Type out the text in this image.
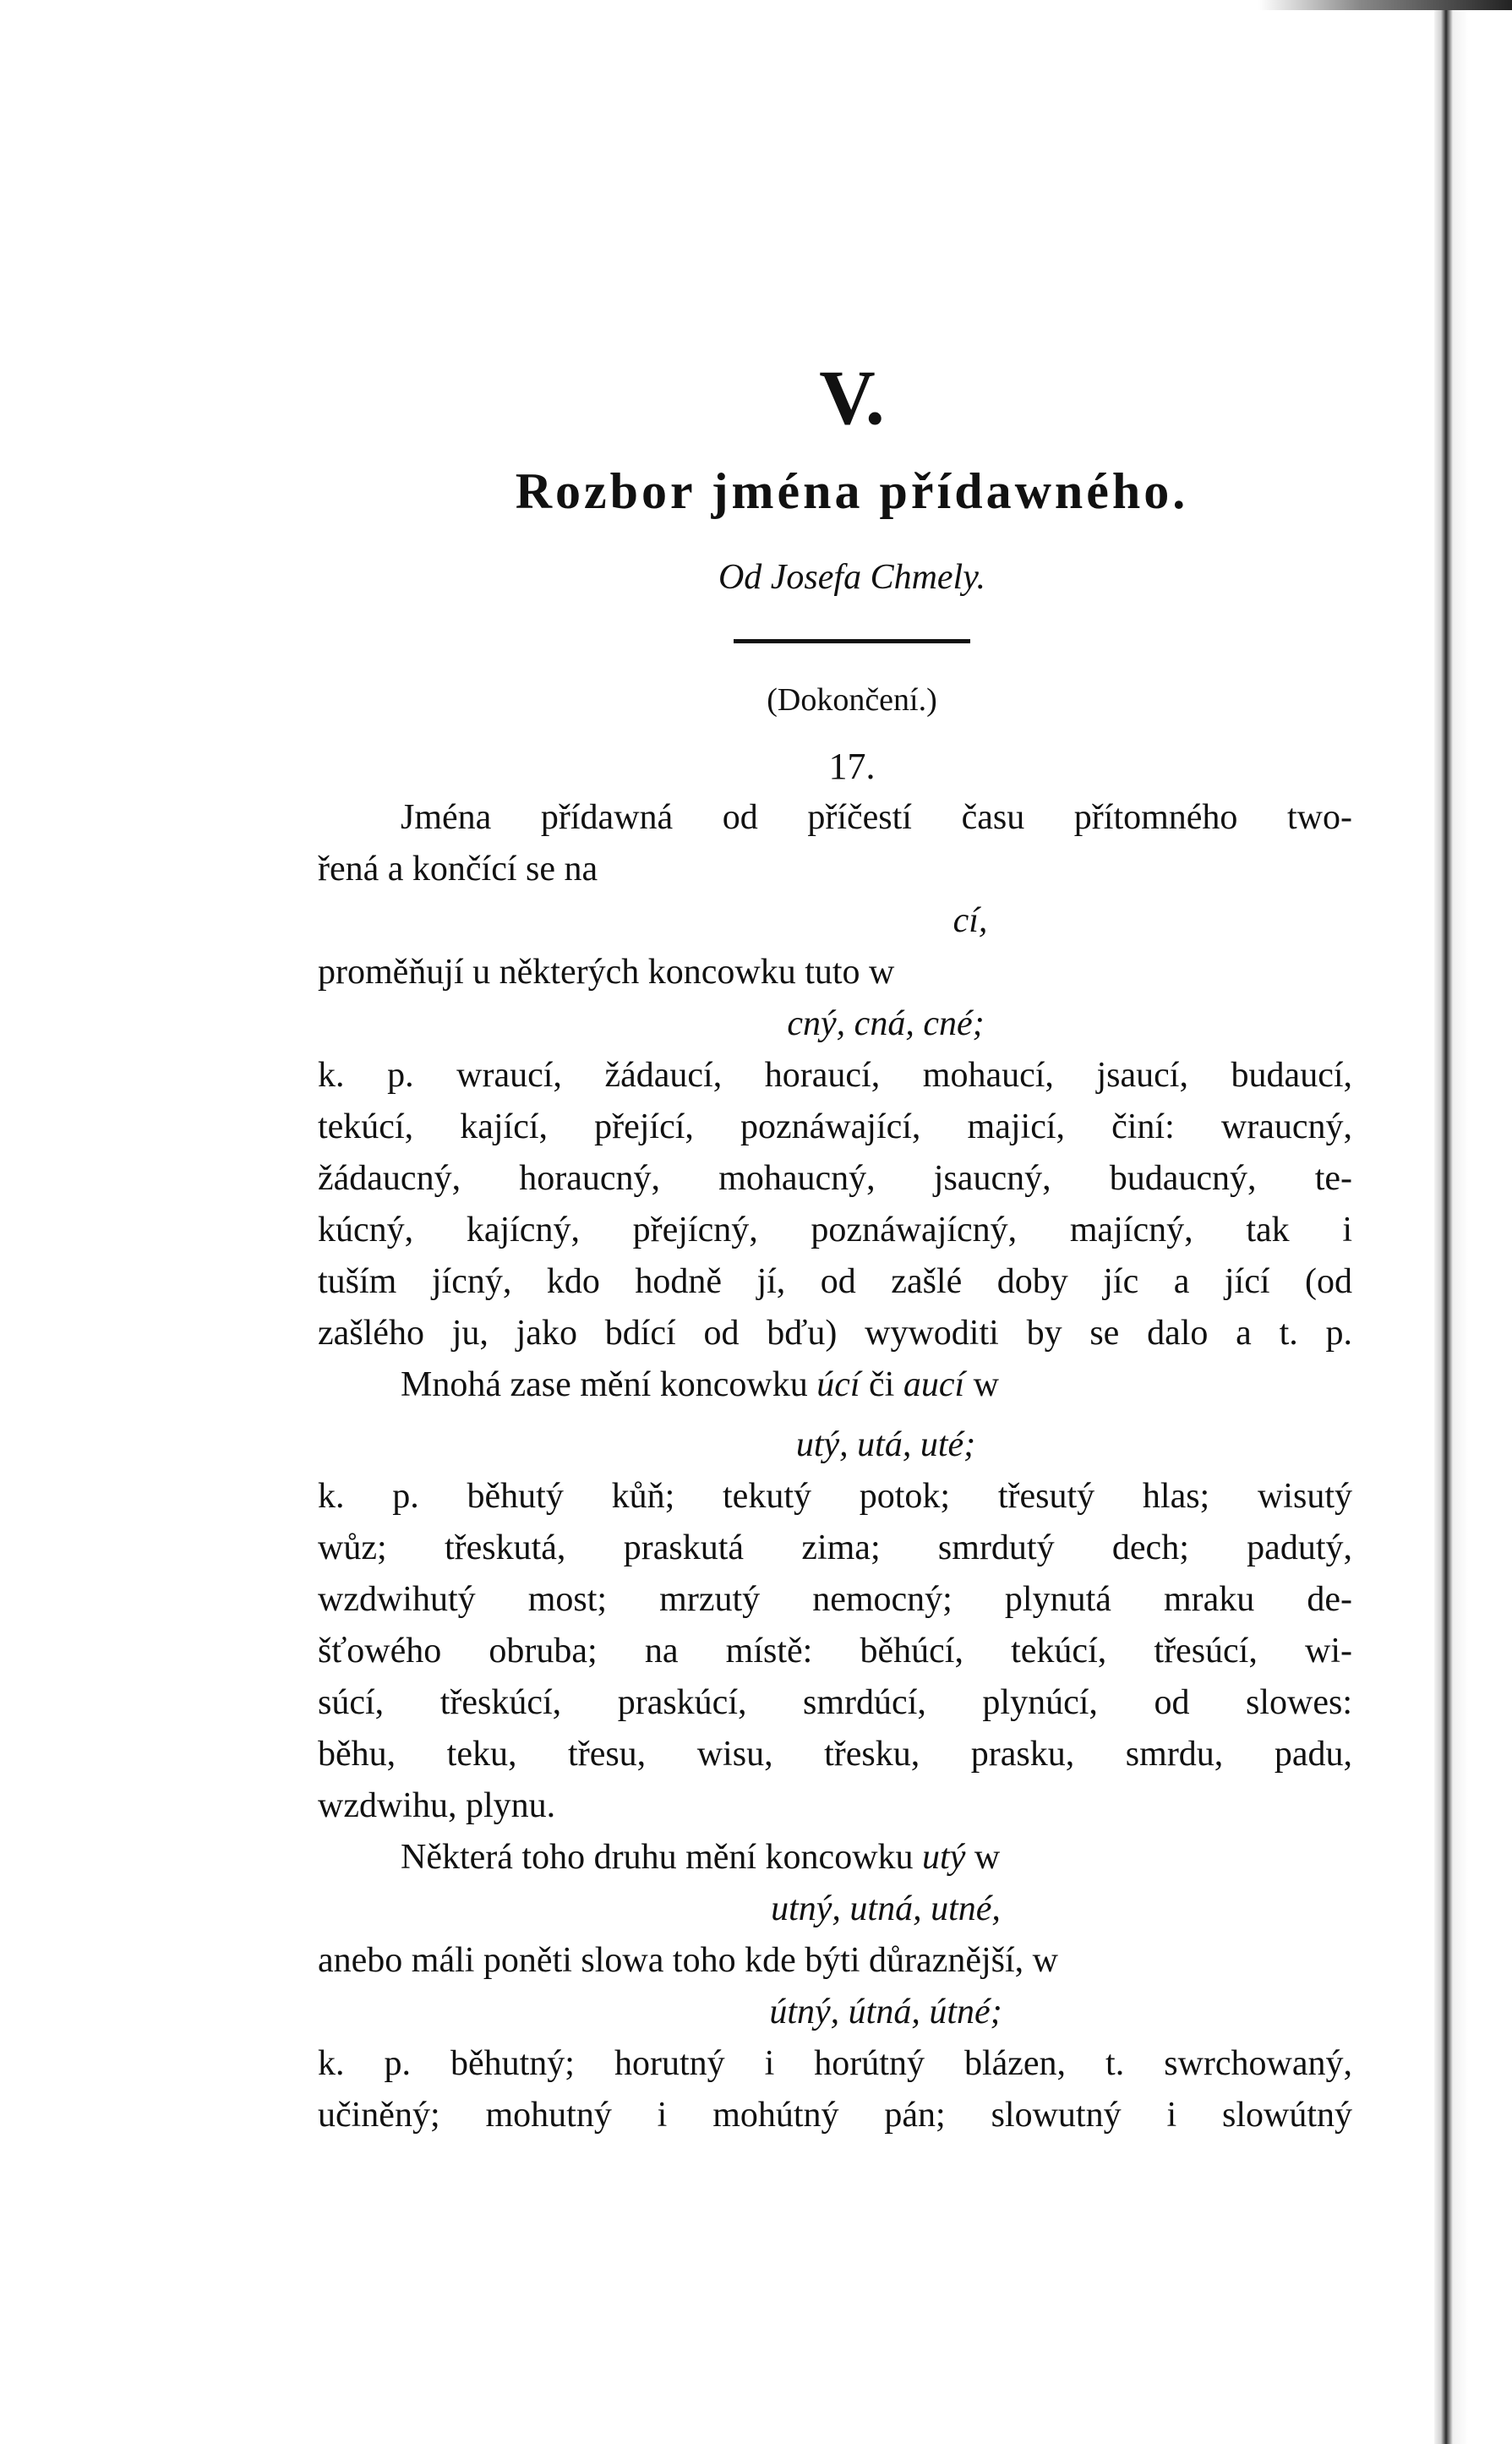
V.
Rozbor jména přídawného.
Od Josefa Chmely.
(Dokončení.)
17.

Jména přídawná od příčestí času přítomného two-
řená a končící se na

cí,

proměňují u některých koncowku tuto w

cný, cná, cné;

k. p. wraucí, žádaucí, horaucí, mohaucí, jsaucí, budaucí,
tekúcí, kající, přející, poznáwající, majicí, činí: wraucný,
žádaucný, horaucný, mohaucný, jsaucný, budaucný, te-
kúcný, kajícný, přejícný, poznáwajícný, majícný, tak i
tuším jícný, kdo hodně jí, od zašlé doby jíc a jící (od
zašlého ju, jako bdící od bďu) wywoditi by se dalo a t. p.

Mnohá zase mění koncowku úcí či aucí w

utý, utá, uté;

k. p. běhutý kůň; tekutý potok; třesutý hlas; wisutý
wůz; třeskutá, praskutá zima; smrdutý dech; padutý,
wzdwihutý most; mrzutý nemocný; plynutá mraku de-
šťowého obruba; na místě: běhúcí, tekúcí, třesúcí, wi-
súcí, třeskúcí, praskúcí, smrdúcí, plynúcí, od slowes:
běhu, teku, třesu, wisu, třesku, prasku, smrdu, padu,
wzdwihu, plynu.

Některá toho druhu mění koncowku utý w

utný, utná, utné,

anebo máli poněti slowa toho kde býti důraznější, w

útný, útná, útné;

k. p. běhutný; horutný i horútný blázen, t. swrchowaný,
učiněný; mohutný i mohútný pán; slowutný i slowútný
